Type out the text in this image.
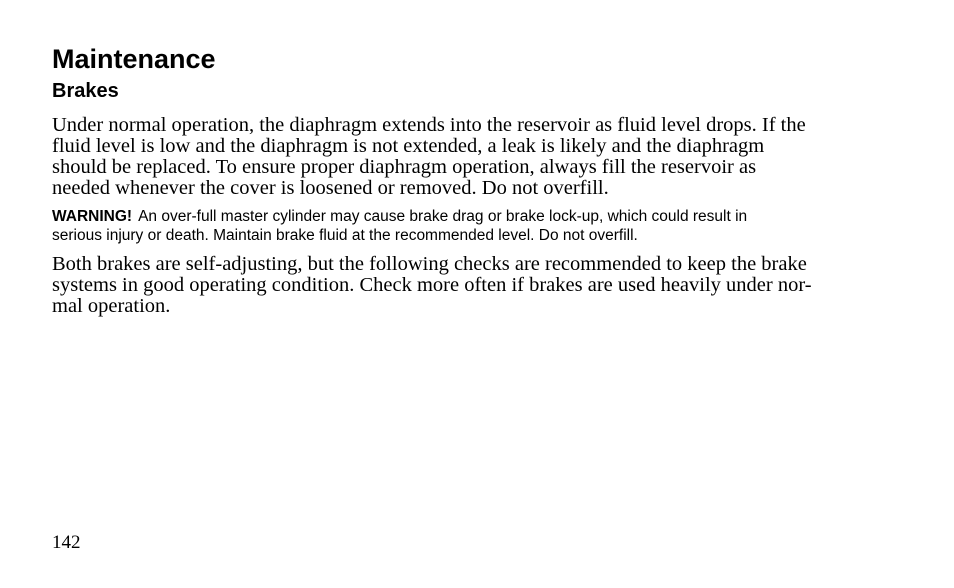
Maintenance
Brakes

Under normal operation, the diaphragm extends into the reservoir as fluid level drops. If the
fluid level is low and the diaphragm is not extended, a leak is likely and the diaphragm
should be replaced. To ensure proper diaphragm operation, always fill the reservoir as
needed whenever the cover is loosened or removed. Do not overfill.

WARNING! An over-full master cylinder may cause brake drag or brake lock-up, which could result in
serious injury or death. Maintain brake fluid at the recommended level. Do not overfill.

Both brakes are self-adjusting, but the following checks are recommended to keep the brake
systems in good operating condition. Check more often if brakes are used heavily under nor-
mal operation.

142
